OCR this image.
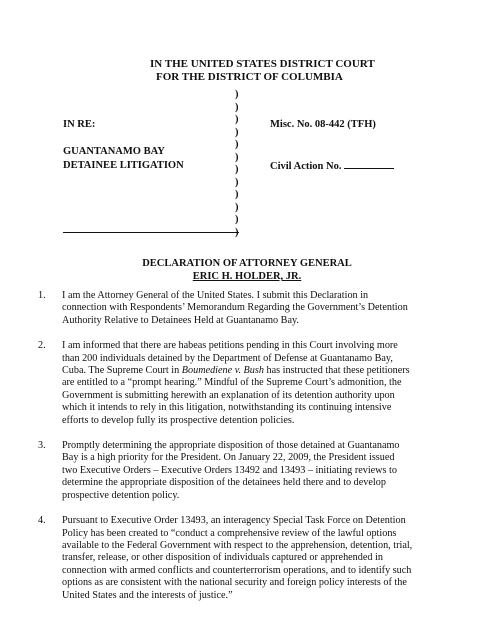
IN THE UNITED STATES DISTRICT COURT
FOR THE DISTRICT OF COLUMBIA
)
)
)
)
)
)
)
)
)
)
)
)
IN RE:
GUANTANAMO BAY
DETAINEE LITIGATION
Misc. No. 08-442 (TFH)
Civil Action No.
DECLARATION OF ATTORNEY GENERAL
ERIC H. HOLDER, JR.
1.	I am the Attorney General of the United States. I submit this Declaration in
connection with Respondents’ Memorandum Regarding the Government’s Detention
Authority Relative to Detainees Held at Guantanamo Bay.
2.	I am informed that there are habeas petitions pending in this Court involving more
than 200 individuals detained by the Department of Defense at Guantanamo Bay,
Cuba. The Supreme Court in Boumediene v. Bush has instructed that these petitioners
are entitled to a “prompt hearing.” Mindful of the Supreme Court’s admonition, the
Government is submitting herewith an explanation of its detention authority upon
which it intends to rely in this litigation, notwithstanding its continuing intensive
efforts to develop fully its prospective detention policies.
3.	Promptly determining the appropriate disposition of those detained at Guantanamo
Bay is a high priority for the President. On January 22, 2009, the President issued
two Executive Orders – Executive Orders 13492 and 13493 – initiating reviews to
determine the appropriate disposition of the detainees held there and to develop
prospective detention policy.
4.	Pursuant to Executive Order 13493, an interagency Special Task Force on Detention
Policy has been created to “conduct a comprehensive review of the lawful options
available to the Federal Government with respect to the apprehension, detention, trial,
transfer, release, or other disposition of individuals captured or apprehended in
connection with armed conflicts and counterterrorism operations, and to identify such
options as are consistent with the national security and foreign policy interests of the
United States and the interests of justice.”
